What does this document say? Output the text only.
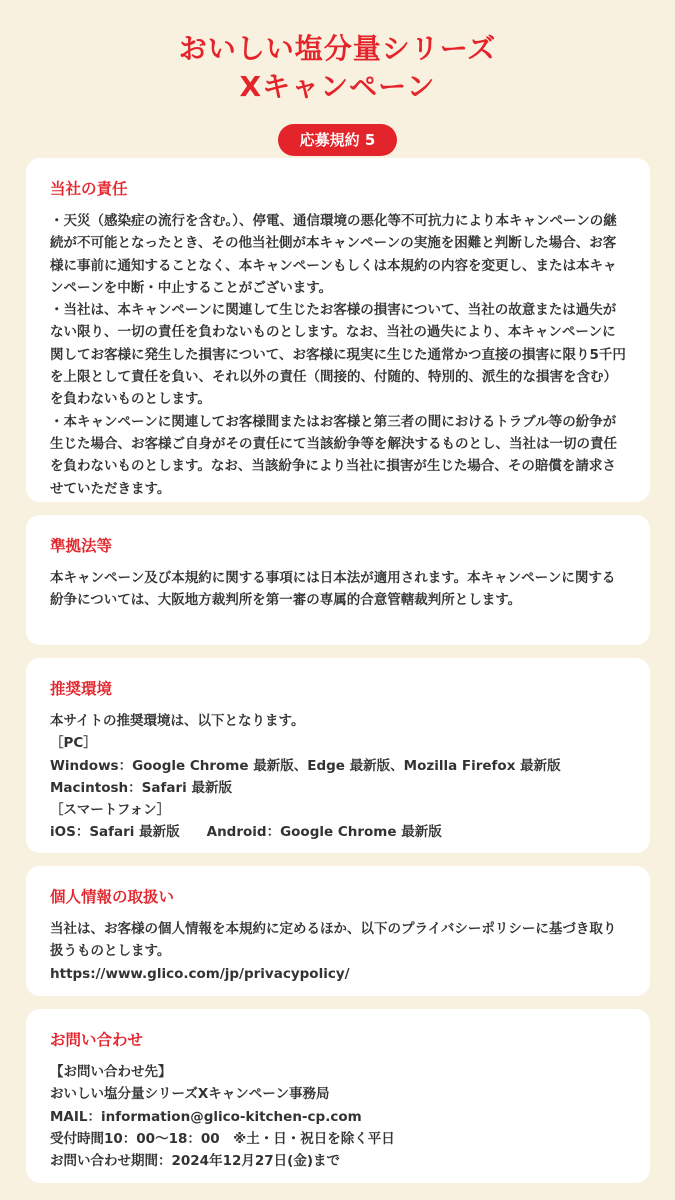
おいしい塩分量シリーズ
Xキャンペーン
応募規約 5
当社の責任

・天災（感染症の流行を含む。）、停電、通信環境の悪化等不可抗力により本キャンペーンの継続が不可能となったとき、その他当社側が本キャンペーンの実施を困難と判断した場合、お客様に事前に通知することなく、本キャンペーンもしくは本規約の内容を変更し、または本キャンペーンを中断・中止することがございます。

・当社は、本キャンペーンに関連して生じたお客様の損害について、当社の故意または過失がない限り、一切の責任を負わないものとします。なお、当社の過失により、本キャンペーンに関してお客様に発生した損害について、お客様に現実に生じた通常かつ直接の損害に限り5千円を上限として責任を負い、それ以外の責任（間接的、付随的、特別的、派生的な損害を含む）を負わないものとします。

・本キャンペーンに関連してお客様間またはお客様と第三者の間におけるトラブル等の紛争が生じた場合、お客様ご自身がその責任にて当該紛争等を解決するものとし、当社は一切の責任を負わないものとします。なお、当該紛争により当社に損害が生じた場合、その賠償を請求させていただきます。

準拠法等

本キャンペーン及び本規約に関する事項には日本法が適用されます。本キャンペーンに関する紛争については、大阪地方裁判所を第一審の専属的合意管轄裁判所とします。

推奨環境
本サイトの推奨環境は、以下となります。
［PC］
Windows：Google Chrome 最新版、Edge 最新版、Mozilla Firefox 最新版
Macintosh：Safari 最新版
［スマートフォン］
iOS：Safari 最新版　　Android：Google Chrome 最新版
個人情報の取扱い

当社は、お客様の個人情報を本規約に定めるほか、以下のプライバシーポリシーに基づき取り扱うものとします。

https://www.glico.com/jp/privacypolicy/
お問い合わせ
【お問い合わせ先】
おいしい塩分量シリーズXキャンペーン事務局
MAIL：information@glico-kitchen-cp.com
受付時間10：00〜18：00　※土・日・祝日を除く平日
お問い合わせ期間：2024年12月27日(金)まで
